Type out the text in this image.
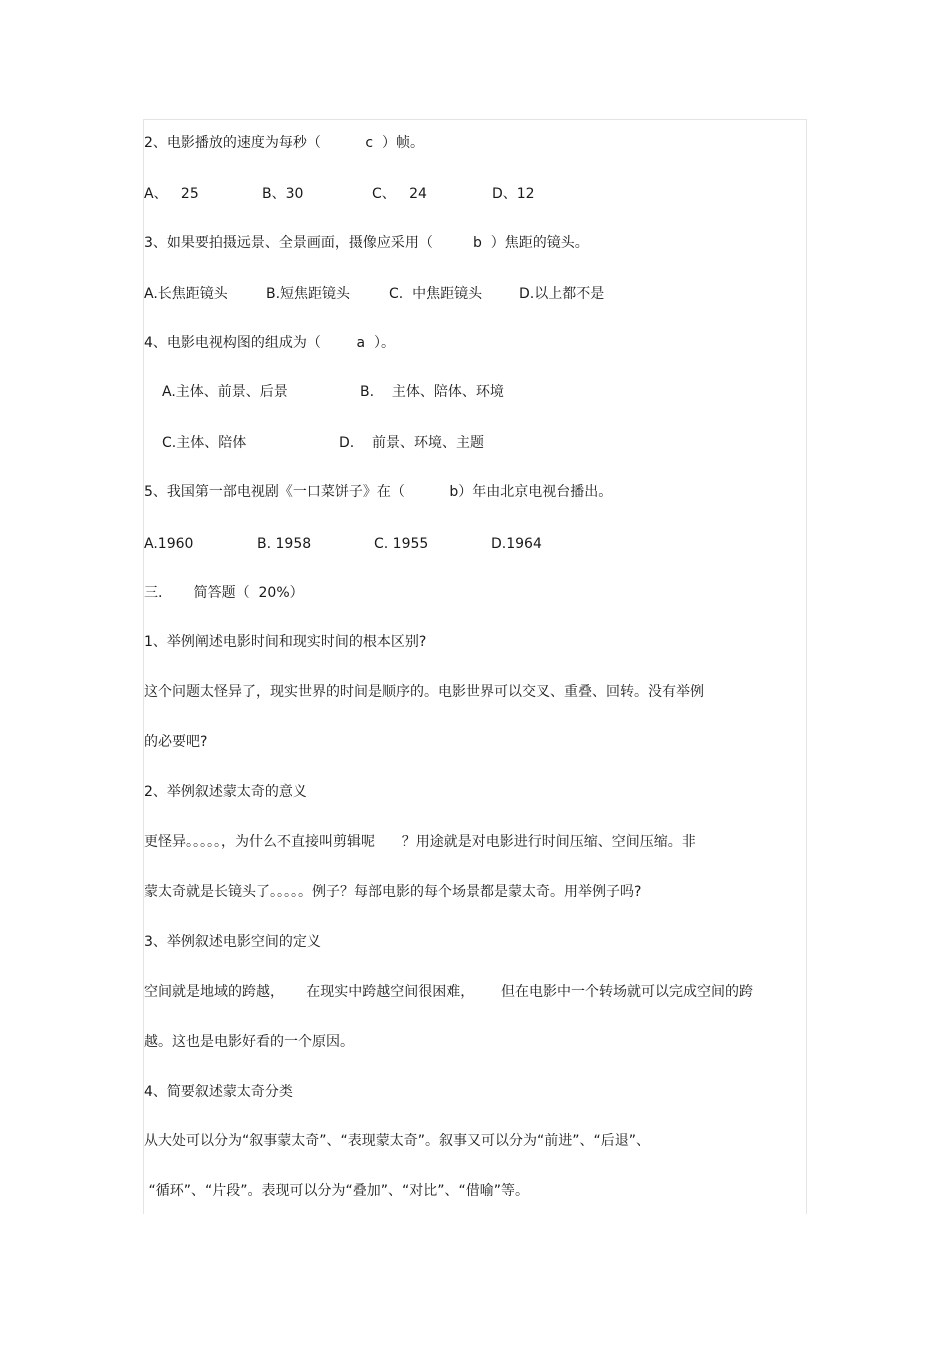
2、电影播放的速度为每秒（          c  ）帧。

A、   25	B、30	C、   24	D、12

3、如果要拍摄远景、全景画面，摄像应采用（         b  ）焦距的镜头。

A.长焦距镜头	B.短焦距镜头	C.  中焦距镜头	D.以上都不是

4、电影电视构图的组成为（        a  ）。

A.主体、前景、后景	B.    主体、陪体、环境
C.主体、陪体	D.    前景、环境、主题

5、我国第一部电视剧《一口菜饼子》在（          b）年由北京电视台播出。

A.1960	B. 1958	C. 1955	D.1964

三.       简答题（  20%）

1、举例阐述电影时间和现实时间的根本区别?

这个问题太怪异了，现实世界的时间是顺序的。电影世界可以交叉、重叠、回转。没有举例

的必要吧?

2、举例叙述蒙太奇的意义

更怪异。。。。。，为什么不直接叫剪辑呢      ？用途就是对电影进行时间压缩、空间压缩。非

蒙太奇就是长镜头了。。。。。例子？每部电影的每个场景都是蒙太奇。用举例子吗?

3、举例叙述电影空间的定义

空间就是地域的跨越，     在现实中跨越空间很困难，      但在电影中一个转场就可以完成空间的跨

越。这也是电影好看的一个原因。

4、简要叙述蒙太奇分类

从大处可以分为“叙事蒙太奇”、“表现蒙太奇”。叙事又可以分为“前进”、“后退”、

“循环”、“片段”。表现可以分为“叠加”、“对比”、“借喻”等。
